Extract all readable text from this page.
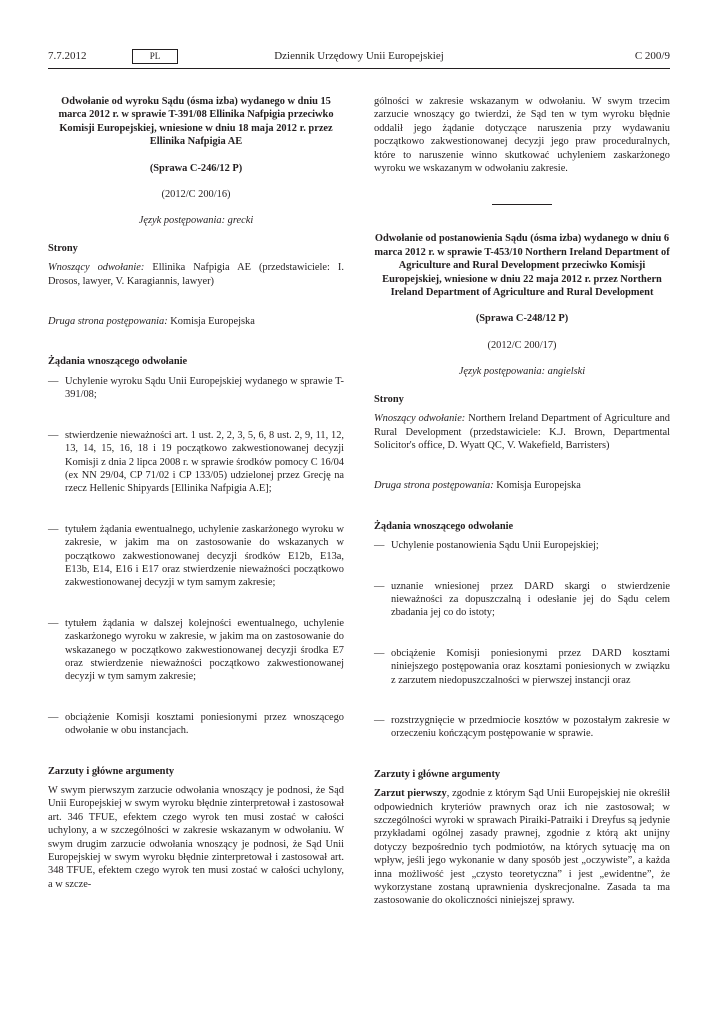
7.7.2012	Dziennik Urzędowy Unii Europejskiej
PL	C 200/9

Odwołanie od wyroku Sądu (ósma izba) wydanego w dniu 15 marca 2012 r. w sprawie T-391/08 Ellinika Nafpigia przeciwko Komisji Europejskiej, wniesione w dniu 18 maja 2012 r. przez Ellinika Nafpigia AE

(Sprawa C-246/12 P)

(2012/C 200/16)

Język postępowania: grecki

Strony

Wnoszący odwołanie: Ellinika Nafpigia AE (przedstawiciele: I. Drosos, lawyer, V. Karagiannis, lawyer)

Druga strona postępowania: Komisja Europejska

Żądania wnoszącego odwołanie

— Uchylenie wyroku Sądu Unii Europejskiej wydanego w sprawie T-391/08;
— stwierdzenie nieważności art. 1 ust. 2, 2, 3, 5, 6, 8 ust. 2, 9, 11, 12, 13, 14, 15, 16, 18 i 19 początkowo zakwestionowanej decyzji Komisji z dnia 2 lipca 2008 r. w sprawie środków pomocy C 16/04 (ex NN 29/04, CP 71/02 i CP 133/05) udzielonej przez Grecję na rzecz Hellenic Shipyards [Ellinika Nafpigia A.E];
— tytułem żądania ewentualnego, uchylenie zaskarżonego wyroku w zakresie, w jakim ma on zastosowanie do wskazanych w początkowo zakwestionowanej decyzji środków E12b, E13a, E13b, E14, E16 i E17 oraz stwierdzenie nieważności początkowo zakwestionowanej decyzji w tym samym zakresie;
— tytułem żądania w dalszej kolejności ewentualnego, uchylenie zaskarżonego wyroku w zakresie, w jakim ma on zastosowanie do wskazanego w początkowo zakwestionowanej decyzji środka E7 oraz stwierdzenie nieważności początkowo zakwestionowanej decyzji w tym samym zakresie;
— obciążenie Komisji kosztami poniesionymi przez wnoszącego odwołanie w obu instancjach.

Zarzuty i główne argumenty

W swym pierwszym zarzucie odwołania wnoszący je podnosi, że Sąd Unii Europejskiej w swym wyroku błędnie zinterpretował i zastosował art. 346 TFUE, efektem czego wyrok ten musi zostać w całości uchylony, a w szczególności w zakresie wskazanym w odwołaniu. W swym drugim zarzucie odwołania wnoszący je podnosi, że Sąd Unii Europejskiej w swym wyroku błędnie zinterpretował i zastosował art. 348 TFUE, efektem czego wyrok ten musi zostać w całości uchylony, a w szcze-

gólności w zakresie wskazanym w odwołaniu. W swym trzecim zarzucie wnoszący go twierdzi, że Sąd ten w tym wyroku błędnie oddalił jego żądanie dotyczące naruszenia przy wydawaniu początkowo zakwestionowanej decyzji jego praw proceduralnych, które to naruszenie winno skutkować uchyleniem zaskarżonego wyroku we wskazanym w odwołaniu zakresie.

Odwołanie od postanowienia Sądu (ósma izba) wydanego w dniu 6 marca 2012 r. w sprawie T-453/10 Northern Ireland Department of Agriculture and Rural Development przeciwko Komisji Europejskiej, wniesione w dniu 22 maja 2012 r. przez Northern Ireland Department of Agriculture and Rural Development

(Sprawa C-248/12 P)

(2012/C 200/17)

Język postępowania: angielski

Strony

Wnoszący odwołanie: Northern Ireland Department of Agriculture and Rural Development (przedstawiciele: K.J. Brown, Departmental Solicitor's office, D. Wyatt QC, V. Wakefield, Barristers)

Druga strona postępowania: Komisja Europejska

Żądania wnoszącego odwołanie

— Uchylenie postanowienia Sądu Unii Europejskiej;
— uznanie wniesionej przez DARD skargi o stwierdzenie nieważności za dopuszczalną i odesłanie jej do Sądu celem zbadania jej co do istoty;
— obciążenie Komisji poniesionymi przez DARD kosztami niniejszego postępowania oraz kosztami poniesionych w związku z zarzutem niedopuszczalności w pierwszej instancji oraz
— rozstrzygnięcie w przedmiocie kosztów w pozostałym zakresie w orzeczeniu kończącym postępowanie w sprawie.

Zarzuty i główne argumenty

Zarzut pierwszy, zgodnie z którym Sąd Unii Europejskiej nie określił odpowiednich kryteriów prawnych oraz ich nie zastosował; w szczególności wyroki w sprawach Piraiki-Patraiki i Dreyfus są jedynie przykładami ogólnej zasady prawnej, zgodnie z którą akt unijny dotyczy bezpośrednio tych podmiotów, na których sytuację ma on wpływ, jeśli jego wykonanie w dany sposób jest „oczywiste”, a każda inna możliwość jest „czysto teoretyczna” i jest „ewidentne”, że wykorzystane zostaną uprawnienia dyskrecjonalne. Zasada ta ma zastosowanie do okoliczności niniejszej sprawy.
